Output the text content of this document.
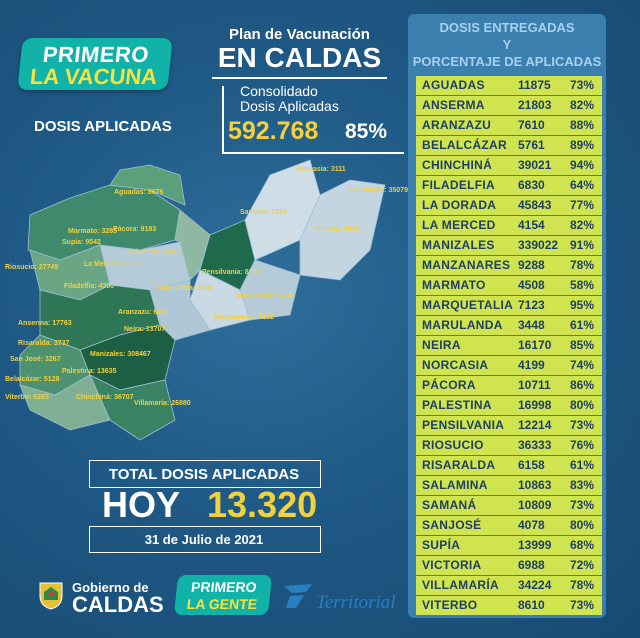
PRIMERO
LA VACUNA
DOSIS APLICADAS
Plan de Vacunación
EN CALDAS
Consolidado
Dosis Aplicadas
592.768 85%
Norcasia: 3111
La Dorada: 35079
Aguadas: 8676
Samaná: 7934
Victoria: 5014
Marmato: 3285
Pácora: 9183
Supía: 9542
Salamina: 9046
Riosucio: 27749	La Merced: 3386
Pensilvania: 8931
Filadelfia: 4390	Marulanda: 2108
Marquetalia: 6748
Aranzazu: 6071
Manzanares: 7232
Anserma: 17763
Neira: 13707
Risaralda: 3737
Manizales: 308467
San José: 3267
Palestina: 13635
Belalcázar: 5128
Viterbo: 6265	Chinchiná: 36707
Villamaría: 26880
DOSIS ENTREGADAS
Y
PORCENTAJE DE APLICADAS
AGUADAS	11875 73%
ANSERMA	21803 82%
ARANZAZU 7610 88%
BELALCÁZAR 5761 89%
CHINCHINÁ 39021 94%
FILADELFIA 6830 64%
LA DORADA 45843 77%
LA MERCED 4154 82%
MANIZALES 339022 91%
MANZANARES 9288 78%
MARMATO	4508 58%
MARQUETALIA 7123 95%
MARULANDA 3448 61%
NEIRA	16170 85%
NORCASIA 4199 74%
PÁCORA	10711 86%
PALESTINA 16998 80%
PENSILVANIA 12214 73%
RIOSUCIO	36333 76%
RISARALDA 6158 61%
SALAMINA	10863 83%
SAMANÁ	10809 73%
SANJOSÉ	4078 80%
SUPÍA	13999 68%
VICTORIA	6988 72%
VILLAMARÍA 34224 78%
VITERBO	8610 73%
TOTAL DOSIS APLICADAS
HOY 13.320
31 de Julio de 2021
Gobierno de
CALDAS
PRIMERO
LA GENTE	Territorial
